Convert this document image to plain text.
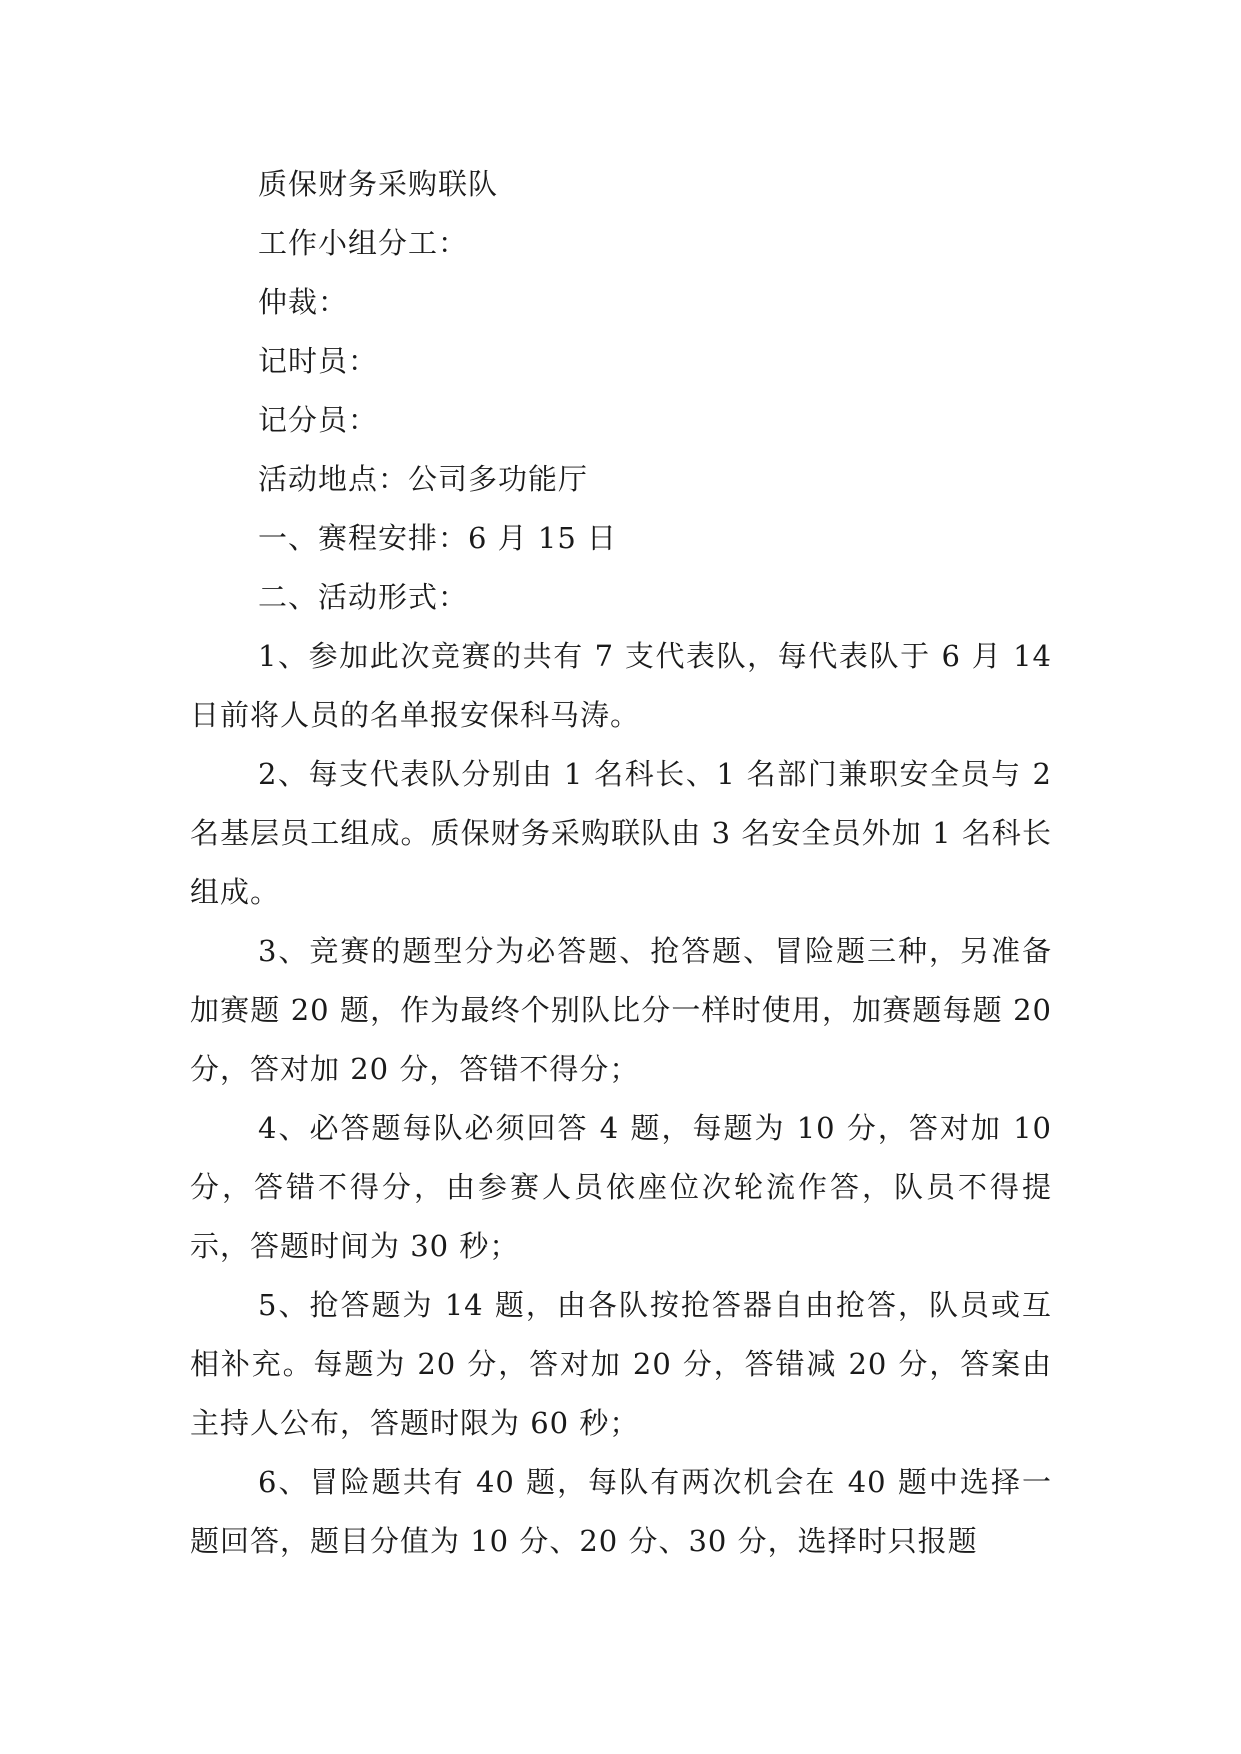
质保财务采购联队

工作小组分工：

仲裁：

记时员：

记分员：

活动地点：公司多功能厅

一、赛程安排：6 月 15 日

二、活动形式：

1、参加此次竞赛的共有 7 支代表队，每代表队于 6 月 14 日前将人员的名单报安保科马涛。

2、每支代表队分别由 1 名科长、1 名部门兼职安全员与 2 名基层员工组成。质保财务采购联队由 3 名安全员外加 1 名科长组成。

3、竞赛的题型分为必答题、抢答题、冒险题三种，另准备加赛题 20 题，作为最终个别队比分一样时使用，加赛题每题 20 分，答对加 20 分，答错不得分；

4、必答题每队必须回答 4 题，每题为 10 分，答对加 10 分，答错不得分，由参赛人员依座位次轮流作答，队员不得提示，答题时间为 30 秒；

5、抢答题为 14 题，由各队按抢答器自由抢答，队员或互相补充。每题为 20 分，答对加 20 分，答错减 20 分，答案由主持人公布，答题时限为 60 秒；

6、冒险题共有 40 题，每队有两次机会在 40 题中选择一题回答，题目分值为 10 分、20 分、30 分，选择时只报题
